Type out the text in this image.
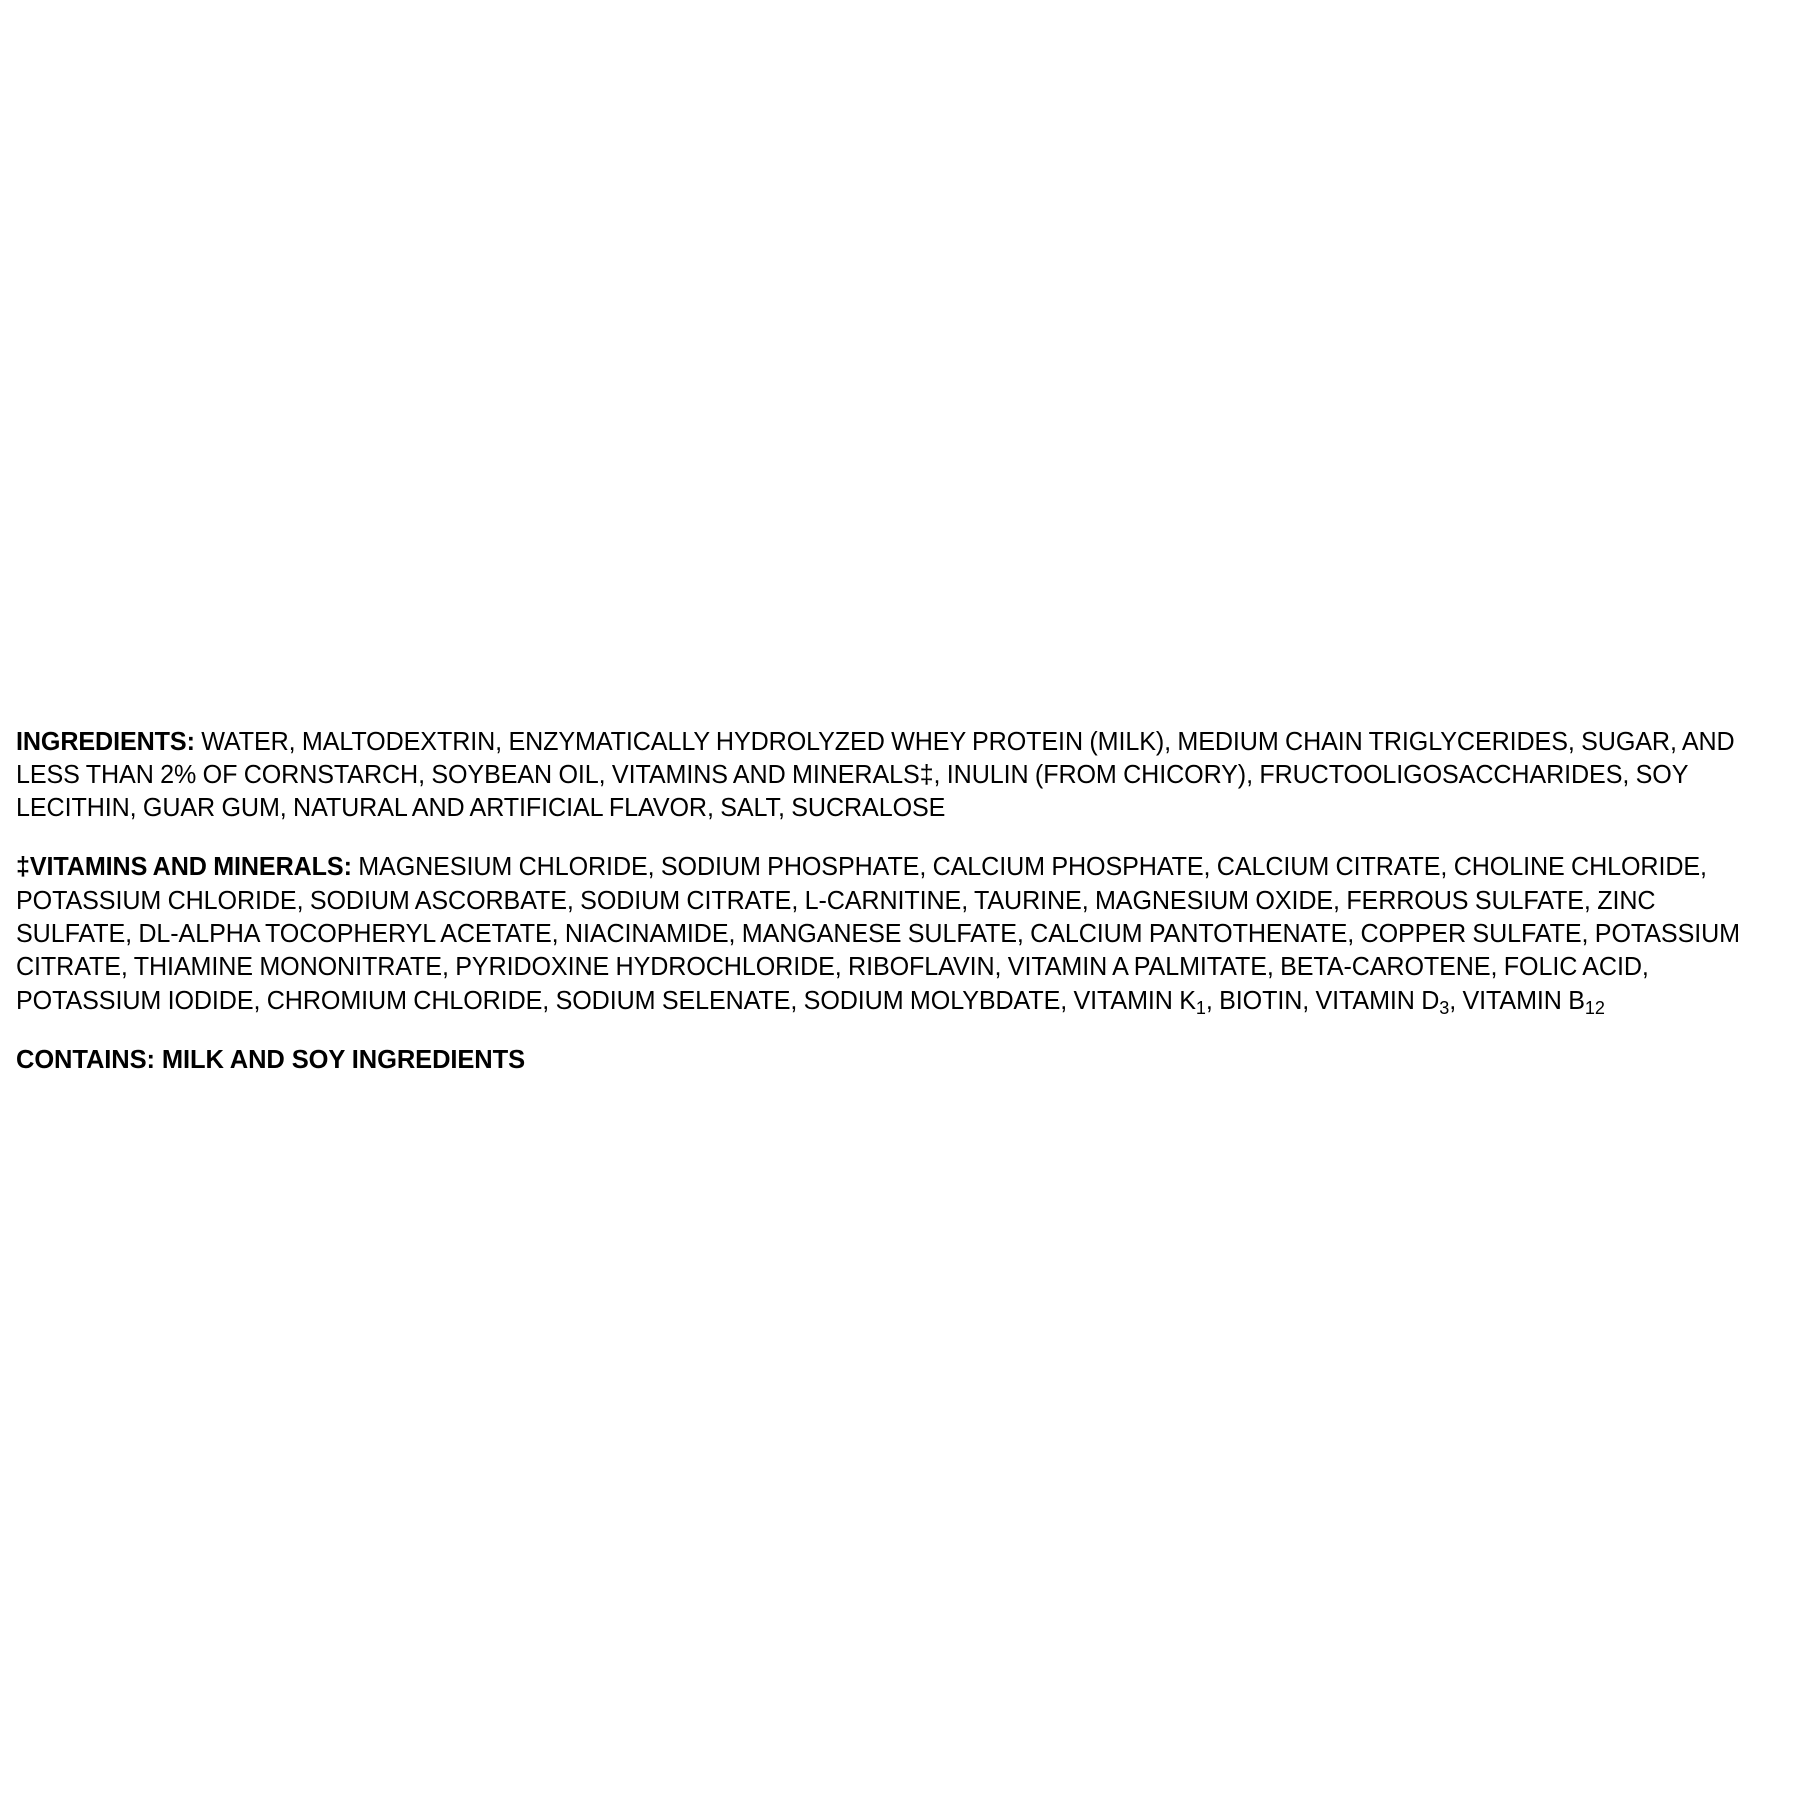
INGREDIENTS: WATER, MALTODEXTRIN, ENZYMATICALLY HYDROLYZED WHEY PROTEIN (MILK), MEDIUM CHAIN TRIGLYCERIDES, SUGAR, AND LESS THAN 2% OF CORNSTARCH, SOYBEAN OIL, VITAMINS AND MINERALS‡, INULIN (FROM CHICORY), FRUCTOOLIGOSACCHARIDES, SOY LECITHIN, GUAR GUM, NATURAL AND ARTIFICIAL FLAVOR, SALT, SUCRALOSE

‡VITAMINS AND MINERALS: MAGNESIUM CHLORIDE, SODIUM PHOSPHATE, CALCIUM PHOSPHATE, CALCIUM CITRATE, CHOLINE CHLORIDE, POTASSIUM CHLORIDE, SODIUM ASCORBATE, SODIUM CITRATE, L-CARNITINE, TAURINE, MAGNESIUM OXIDE, FERROUS SULFATE, ZINC SULFATE, DL-ALPHA TOCOPHERYL ACETATE, NIACINAMIDE, MANGANESE SULFATE, CALCIUM PANTOTHENATE, COPPER SULFATE, POTASSIUM CITRATE, THIAMINE MONONITRATE, PYRIDOXINE HYDROCHLORIDE, RIBOFLAVIN, VITAMIN A PALMITATE, BETA-CAROTENE, FOLIC ACID, POTASSIUM IODIDE, CHROMIUM CHLORIDE, SODIUM SELENATE, SODIUM MOLYBDATE, VITAMIN $K_1$, BIOTIN, VITAMIN $D_3$, VITAMIN $B_{12}$

CONTAINS: MILK AND SOY INGREDIENTS
